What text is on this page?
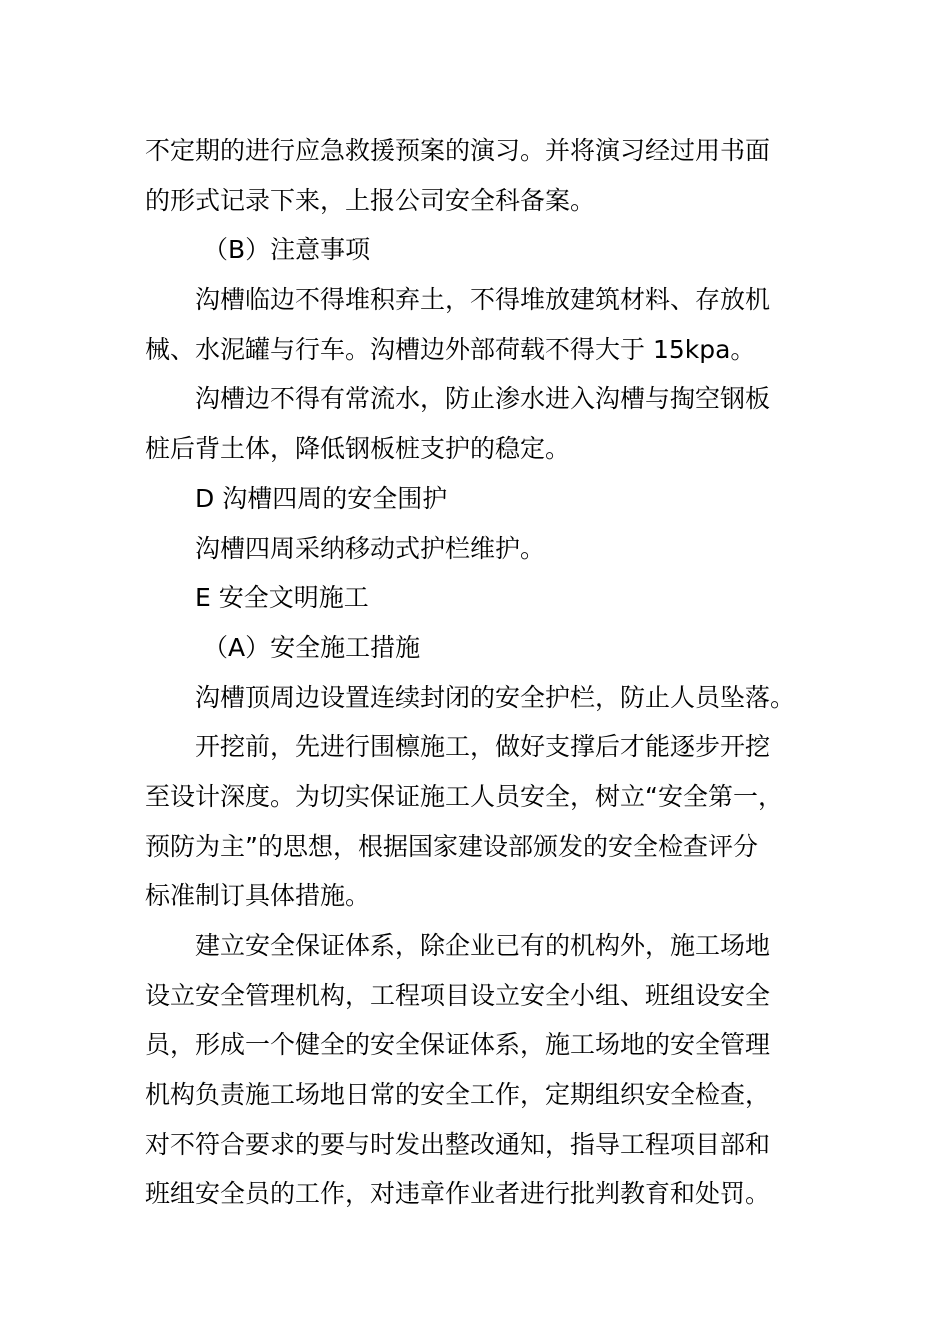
不定期的进行应急救援预案的演习。并将演习经过用书面
的形式记录下来，上报公司安全科备案。
（B）注意事项
沟槽临边不得堆积弃土，不得堆放建筑材料、存放机
械、水泥罐与行车。沟槽边外部荷载不得大于 15kpa。
沟槽边不得有常流水，防止渗水进入沟槽与掏空钢板
桩后背土体，降低钢板桩支护的稳定。
D 沟槽四周的安全围护
沟槽四周采纳移动式护栏维护。
E 安全文明施工
（A）安全施工措施
沟槽顶周边设置连续封闭的安全护栏，防止人员坠落。
开挖前，先进行围檩施工，做好支撑后才能逐步开挖
至设计深度。为切实保证施工人员安全，树立“安全第一，
预防为主”的思想，根据国家建设部颁发的安全检查评分
标准制订具体措施。
建立安全保证体系，除企业已有的机构外，施工场地
设立安全管理机构，工程项目设立安全小组、班组设安全
员，形成一个健全的安全保证体系，施工场地的安全管理
机构负责施工场地日常的安全工作，定期组织安全检查，
对不符合要求的要与时发出整改通知，指导工程项目部和
班组安全员的工作，对违章作业者进行批判教育和处罚。
